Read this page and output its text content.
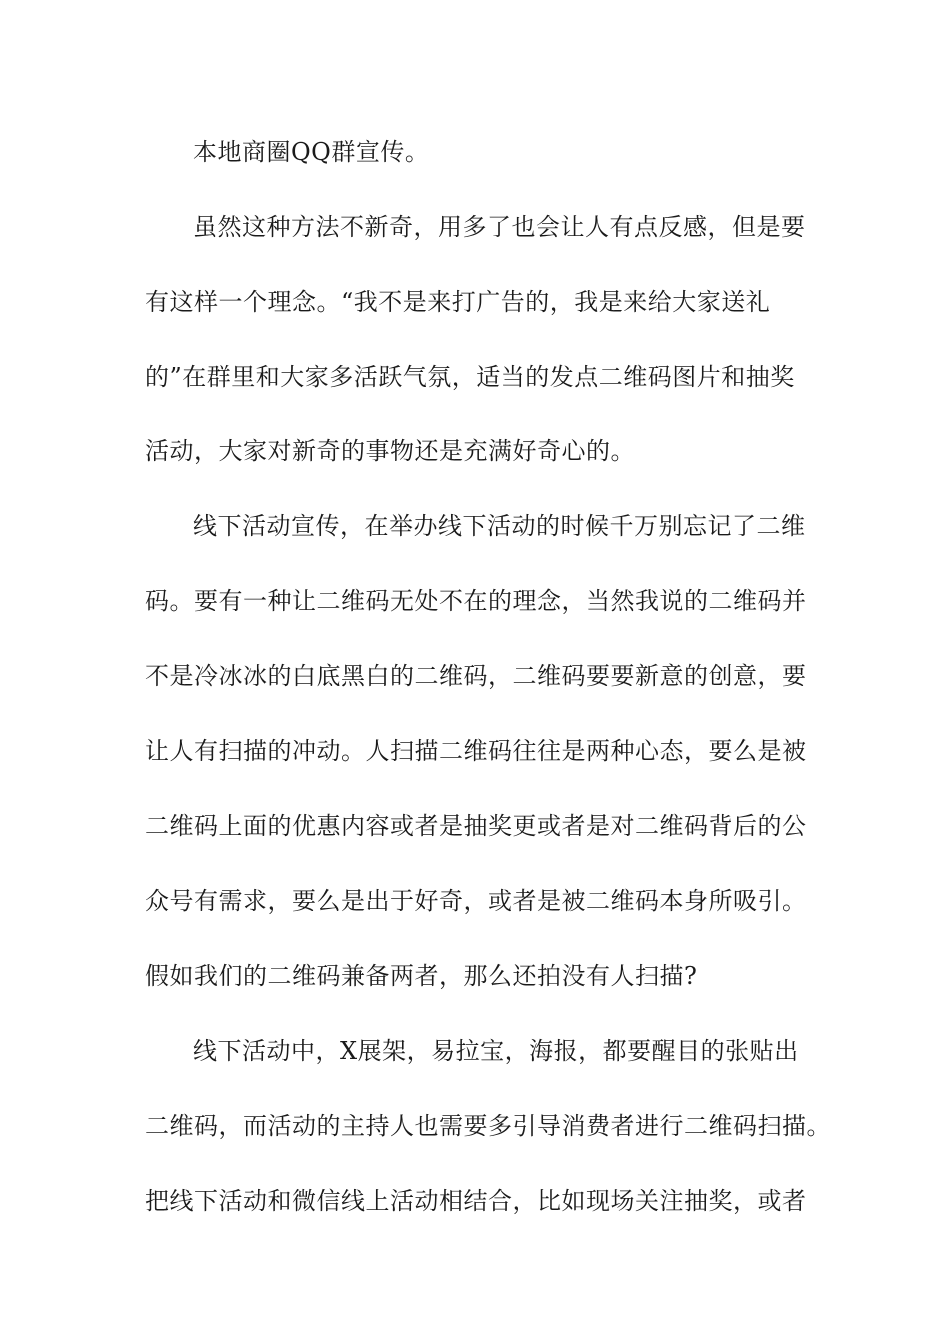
本地商圈QQ群宣传。
虽然这种方法不新奇，用多了也会让人有点反感，但是要
有这样一个理念。“我不是来打广告的，我是来给大家送礼
的”在群里和大家多活跃气氛，适当的发点二维码图片和抽奖
活动，大家对新奇的事物还是充满好奇心的。
线下活动宣传，在举办线下活动的时候千万别忘记了二维
码。要有一种让二维码无处不在的理念，当然我说的二维码并
不是冷冰冰的白底黑白的二维码，二维码要要新意的创意，要
让人有扫描的冲动。人扫描二维码往往是两种心态，要么是被
二维码上面的优惠内容或者是抽奖更或者是对二维码背后的公
众号有需求，要么是出于好奇，或者是被二维码本身所吸引。
假如我们的二维码兼备两者，那么还拍没有人扫描?
线下活动中，X展架，易拉宝，海报，都要醒目的张贴出
二维码，而活动的主持人也需要多引导消费者进行二维码扫描。
把线下活动和微信线上活动相结合，比如现场关注抽奖，或者
